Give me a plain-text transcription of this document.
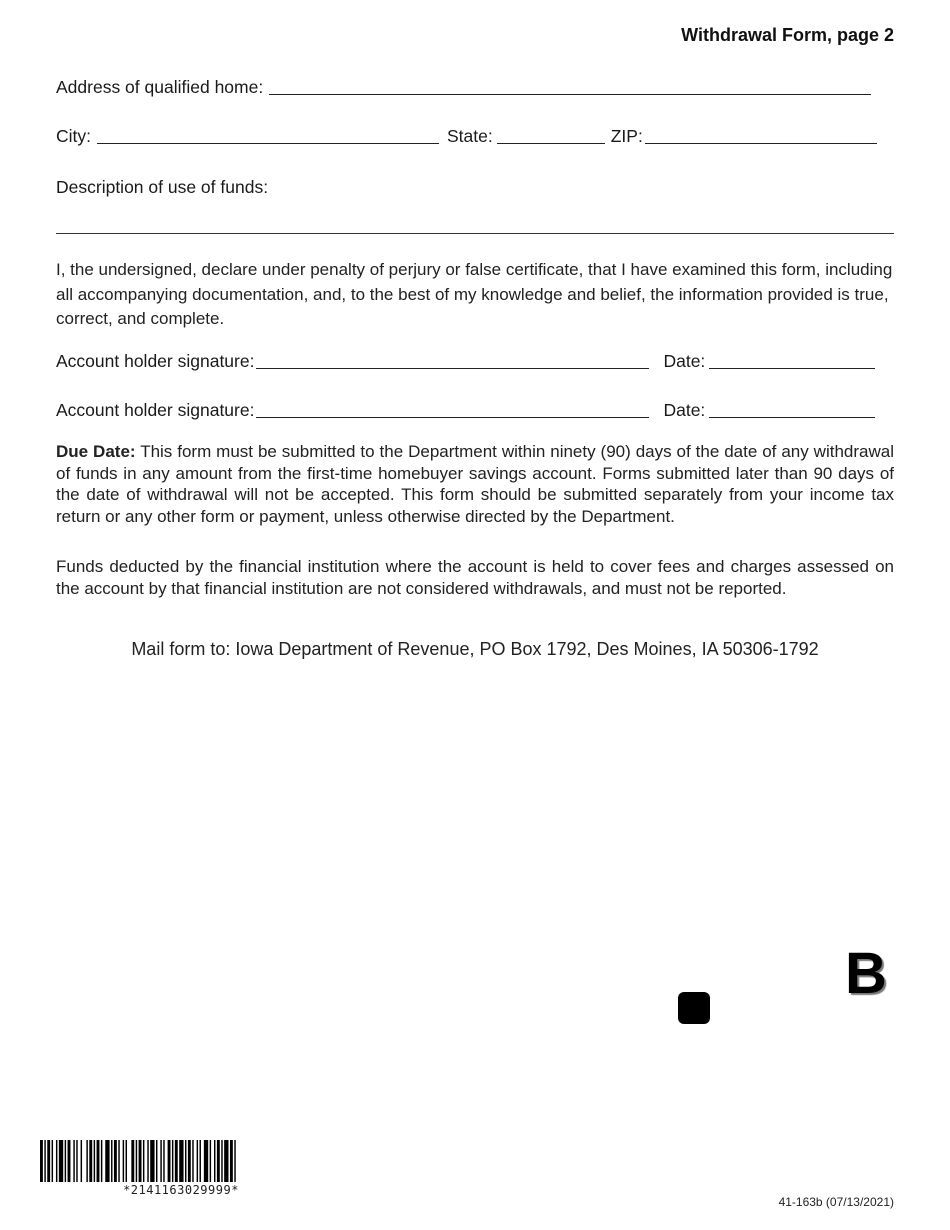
Withdrawal Form, page 2
Address of qualified home:
City:	State:	ZIP:
Description of use of funds:
I, the undersigned, declare under penalty of perjury or false certificate, that I have examined this form, including all accompanying documentation, and, to the best of my knowledge and belief, the information provided is true, correct, and complete.
Account holder signature:	Date:
Account holder signature:	Date:
Due Date: This form must be submitted to the Department within ninety (90) days of the date of any withdrawal of funds in any amount from the first-time homebuyer savings account. Forms submitted later than 90 days of the date of withdrawal will not be accepted. This form should be submitted separately from your income tax return or any other form or payment, unless otherwise directed by the Department.
Funds deducted by the financial institution where the account is held to cover fees and charges assessed on the account by that financial institution are not considered withdrawals, and must not be reported.
Mail form to: Iowa Department of Revenue, PO Box 1792, Des Moines, IA 50306-1792
B
*2141163029999*
41-163b (07/13/2021)
